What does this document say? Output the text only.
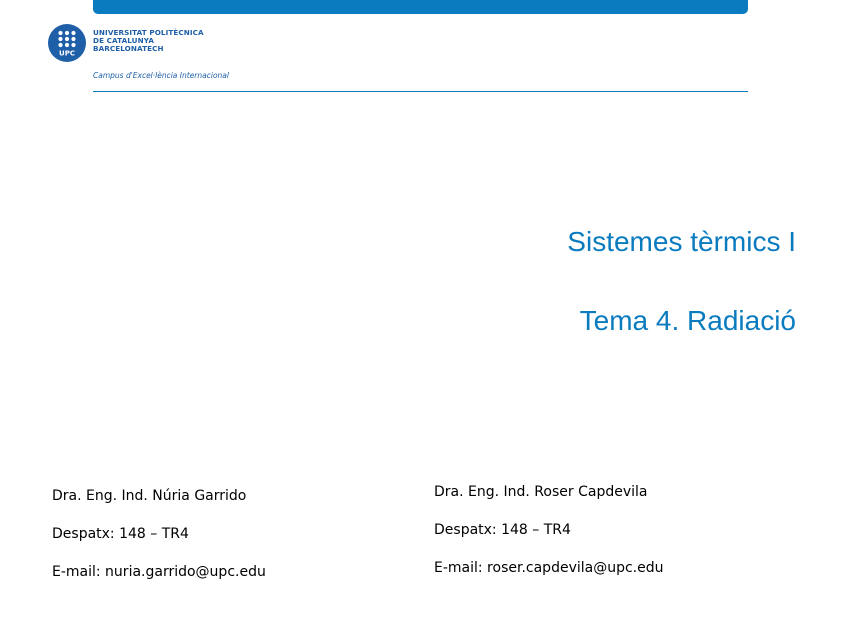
UPC
UNIVERSITAT POLITÈCNICA
DE CATALUNYA
BARCELONATECH
Campus d'Excel·lència Internacional
Sistemes tèrmics I
Tema 4. Radiació
Dra. Eng. Ind. Núria Garrido
Despatx: 148 – TR4
E-mail: nuria.garrido@upc.edu
Dra. Eng. Ind. Roser Capdevila
Despatx: 148 – TR4
E-mail: roser.capdevila@upc.edu
